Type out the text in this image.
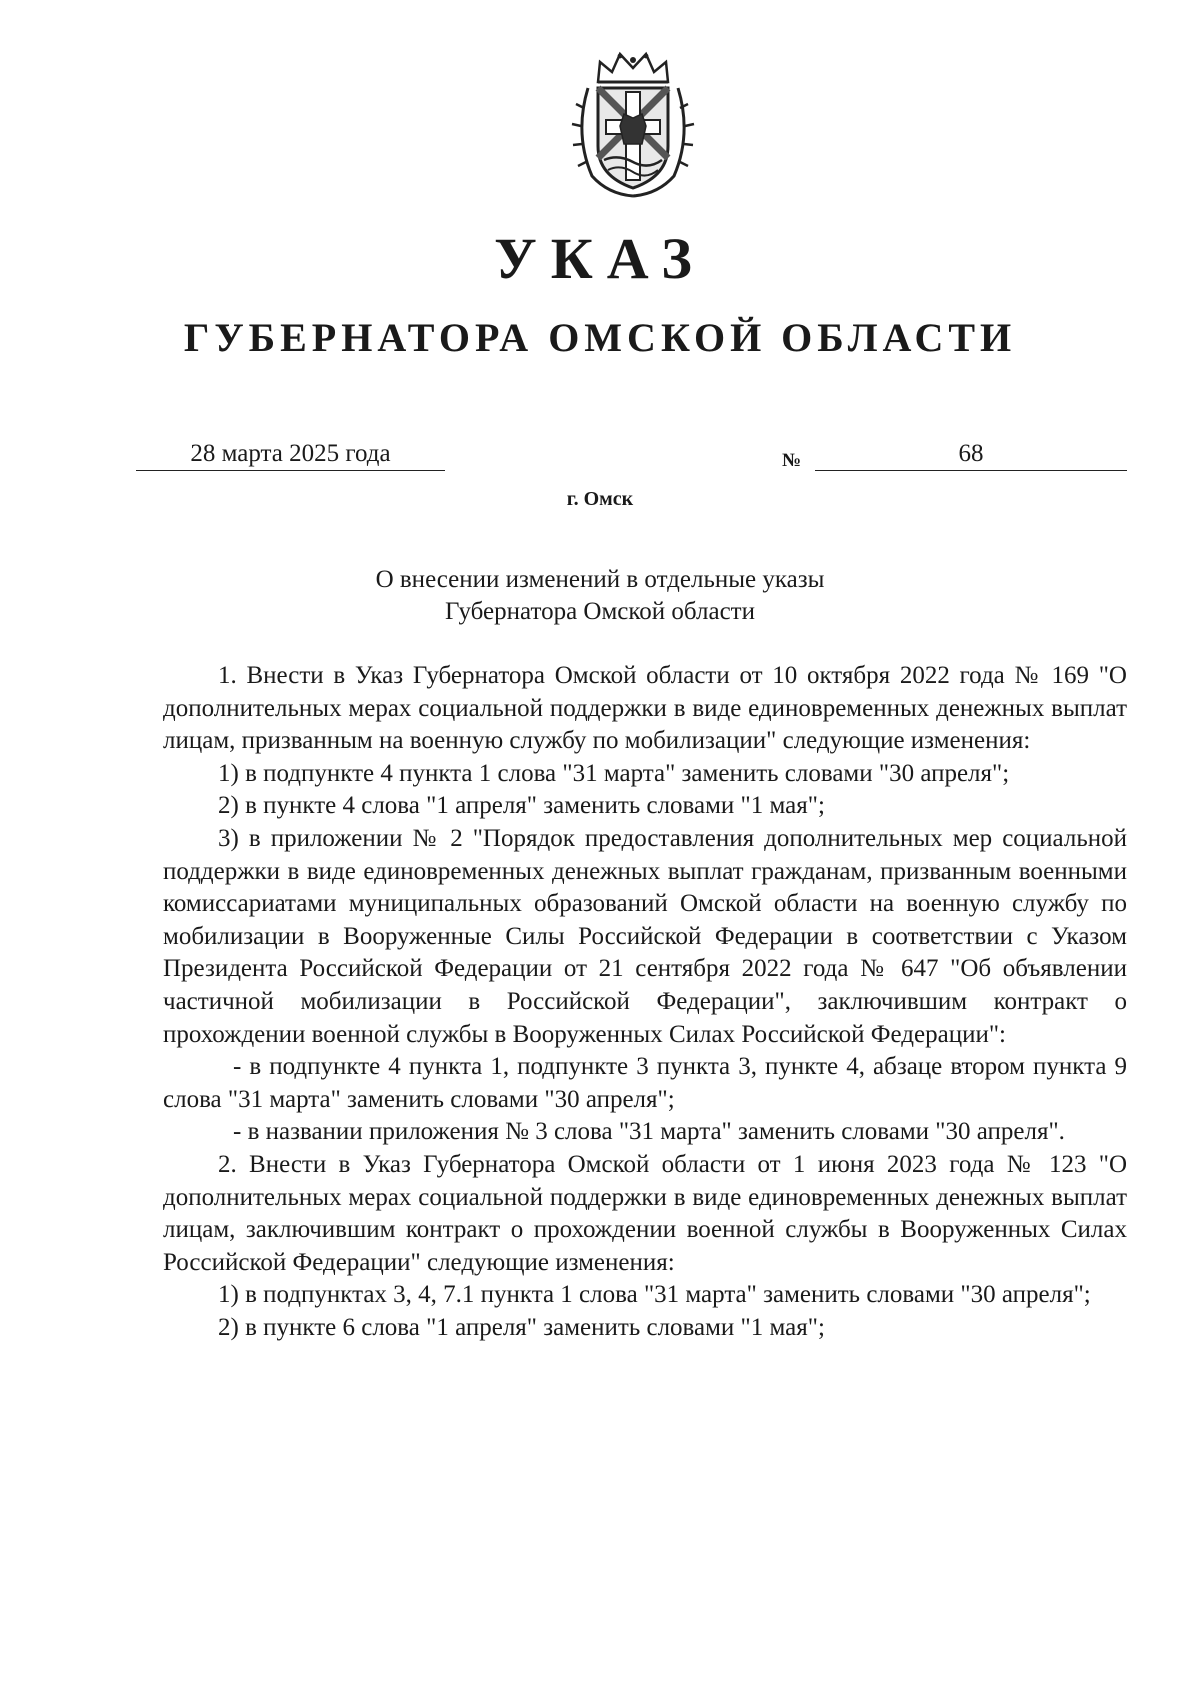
УКАЗ
ГУБЕРНАТОРА ОМСКОЙ ОБЛАСТИ
28 марта 2025 года	№	68
г. Омск
О внесении изменений в отдельные указы
Губернатора Омской области

1. Внести в Указ Губернатора Омской области от 10 октября 2022 года № 169 "О дополнительных мерах социальной поддержки в виде единовременных денежных выплат лицам, призванным на военную службу по мобилизации" следующие изменения:

1) в подпункте 4 пункта 1 слова "31 марта" заменить словами "30 апреля";

2) в пункте 4 слова "1 апреля" заменить словами "1 мая";

3) в приложении № 2 "Порядок предоставления дополнительных мер социальной поддержки в виде единовременных денежных выплат гражданам, призванным военными комиссариатами муниципальных образований Омской области на военную службу по мобилизации в Вооруженные Силы Российской Федерации в соответствии с Указом Президента Российской Федерации от 21 сентября 2022 года № 647 "Об объявлении частичной мобилизации в Российской Федерации", заключившим контракт о прохождении военной службы в Вооруженных Силах Российской Федерации":

- в подпункте 4 пункта 1, подпункте 3 пункта 3, пункте 4, абзаце втором пункта 9 слова "31 марта" заменить словами "30 апреля";

- в названии приложения № 3 слова "31 марта" заменить словами "30 апреля".

2. Внести в Указ Губернатора Омской области от 1 июня 2023 года № 123 "О дополнительных мерах социальной поддержки в виде единовременных денежных выплат лицам, заключившим контракт о прохождении военной службы в Вооруженных Силах Российской Федерации" следующие изменения:

1) в подпунктах 3, 4, 7.1 пункта 1 слова "31 марта" заменить словами "30 апреля";

2) в пункте 6 слова "1 апреля" заменить словами "1 мая";
